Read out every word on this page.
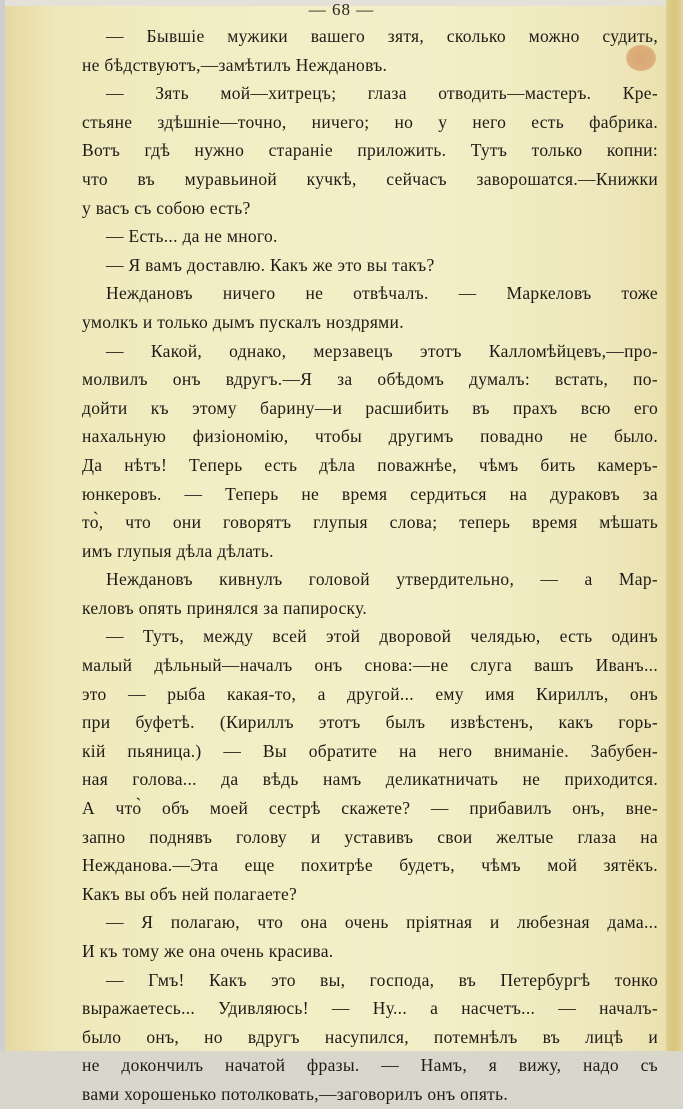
— 68 —
— Бывшіе мужики вашего зятя, сколько можно судить,
не бѣдствуютъ,—замѣтилъ Неждановъ.
— Зять мой—хитрецъ; глаза отводить—мастеръ. Кре-
стьяне здѣшніе—точно, ничего; но у него есть фабрика.
Вотъ гдѣ нужно стараніе приложить. Тутъ только копни:
что въ муравьиной кучкѣ, сейчасъ заворошатся.—Книжки
у васъ съ собою есть?
— Есть... да не много.
— Я вамъ доставлю. Какъ же это вы такъ?
Неждановъ ничего не отвѣчалъ. — Маркеловъ тоже
умолкъ и только дымъ пускалъ ноздрями.
— Какой, однако, мерзавецъ этотъ Калломѣйцевъ,—про-
молвилъ онъ вдругъ.—Я за обѣдомъ думалъ: встать, по-
дойти къ этому барину—и расшибить въ прахъ всю его
нахальную физіономію, чтобы другимъ повадно не было.
Да нѣтъ! Теперь есть дѣла поважнѣе, чѣмъ бить камеръ-
юнкеровъ. — Теперь не время сердиться на дураковъ за
то̀, что они говорятъ глупыя слова; теперь время мѣшать
имъ глупыя дѣла дѣлать.
Неждановъ кивнулъ головой утвердительно, — а Мар-
келовъ опять принялся за папироску.
— Тутъ, между всей этой дворовой челядью, есть одинъ
малый дѣльный—началъ онъ снова:—не слуга вашъ Иванъ...
это — рыба какая-то, а другой... ему имя Кириллъ, онъ
при буфетѣ. (Кириллъ этотъ былъ извѣстенъ, какъ горь-
кій пьяница.) — Вы обратите на него вниманіе. Забубен-
ная голова... да вѣдь намъ деликатничать не приходится.
А что̀ объ моей сестрѣ скажете? — прибавилъ онъ, вне-
запно поднявъ голову и уставивъ свои желтые глаза на
Нежданова.—Эта еще похитрѣе будетъ, чѣмъ мой зятёкъ.
Какъ вы объ ней полагаете?
— Я полагаю, что она очень пріятная и любезная дама...
И къ тому же она очень красива.
— Гмъ! Какъ это вы, господа, въ Петербургѣ тонко
выражаетесь... Удивляюсь! — Ну... а насчетъ... — началъ-
было онъ, но вдругъ насупился, потемнѣлъ въ лицѣ и
не докончилъ начатой фразы. — Намъ, я вижу, надо съ
вами хорошенько потолковать,—заговорилъ онъ опять.
